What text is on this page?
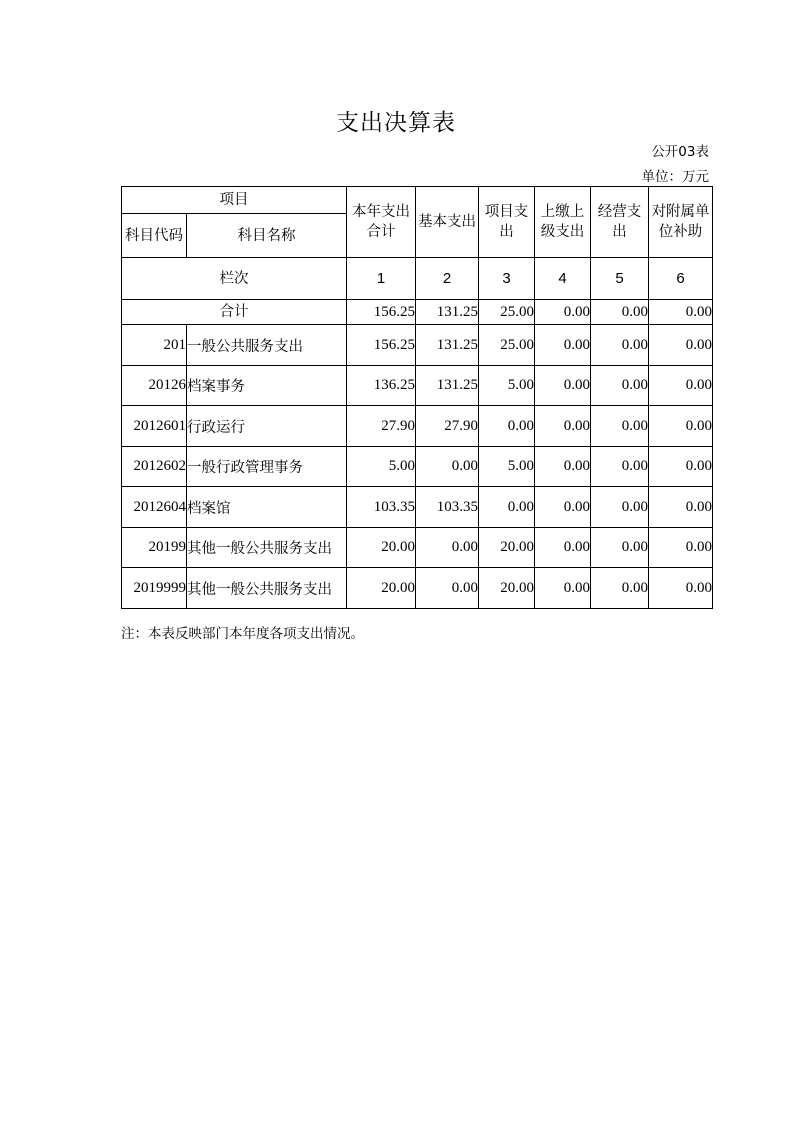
支出决算表
公开03表
单位：万元
项目		本年支出合计	基本支出	项目支出	上缴上级支出	经营支出	对附属单位补助
科目代码	科目名称						
栏次		1	2	3	4	5	6
合计		156.25	131.25	25.00	0.00	0.00	0.00
201	一般公共服务支出	156.25	131.25	25.00	0.00	0.00	0.00
20126	档案事务	136.25	131.25	5.00	0.00	0.00	0.00
2012601	行政运行	27.90	27.90	0.00	0.00	0.00	0.00
2012602	一般行政管理事务	5.00	0.00	5.00	0.00	0.00	0.00
2012604	档案馆	103.35	103.35	0.00	0.00	0.00	0.00
20199	其他一般公共服务支出	20.00	0.00	20.00	0.00	0.00	0.00
2019999	其他一般公共服务支出	20.00	0.00	20.00	0.00	0.00	0.00
注：本表反映部门本年度各项支出情况。
